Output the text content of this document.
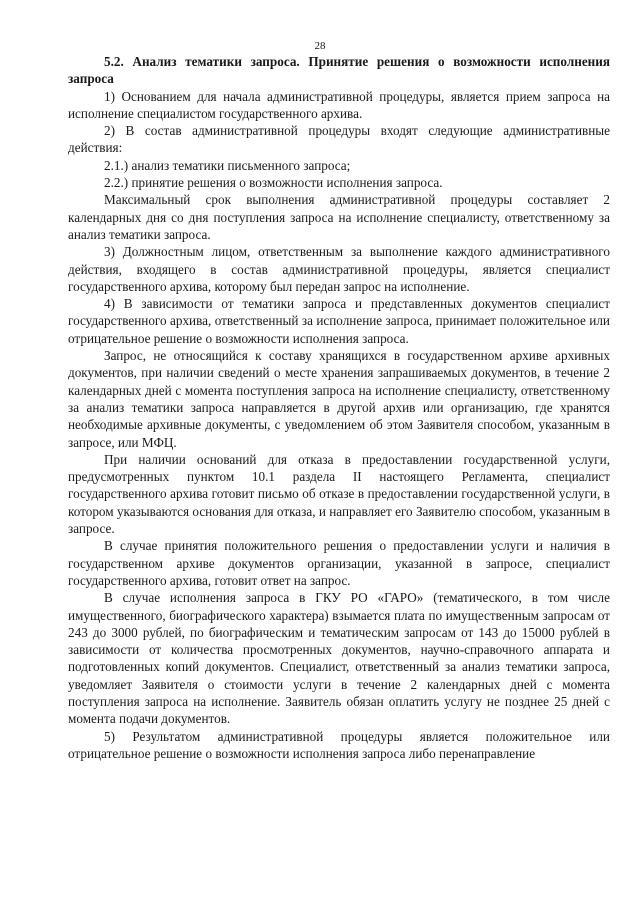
28

5.2. Анализ тематики запроса. Принятие решения о возможности исполнения запроса

1) Основанием для начала административной процедуры, является прием запроса на исполнение специалистом государственного архива.

2) В состав административной процедуры входят следующие административные действия:

2.1.) анализ тематики письменного запроса;

2.2.) принятие решения о возможности исполнения запроса.

Максимальный срок выполнения административной процедуры составляет 2 календарных дня со дня поступления запроса на исполнение специалисту, ответственному за анализ тематики запроса.

3) Должностным лицом, ответственным за выполнение каждого административного действия, входящего в состав административной процедуры, является специалист государственного архива, которому был передан запрос на исполнение.

4) В зависимости от тематики запроса и представленных документов специалист государственного архива, ответственный за исполнение запроса, принимает положительное или отрицательное решение о возможности исполнения запроса.

Запрос, не относящийся к составу хранящихся в государственном архиве архивных документов, при наличии сведений о месте хранения запрашиваемых документов, в течение 2 календарных дней с момента поступления запроса на исполнение специалисту, ответственному за анализ тематики запроса направляется в другой архив или организацию, где хранятся необходимые архивные документы, с уведомлением об этом Заявителя способом, указанным в запросе, или МФЦ.

При наличии оснований для отказа в предоставлении государственной услуги, предусмотренных пунктом 10.1 раздела II настоящего Регламента, специалист государственного архива готовит письмо об отказе в предоставлении государственной услуги, в котором указываются основания для отказа, и направляет его Заявителю способом, указанным в запросе.

В случае принятия положительного решения о предоставлении услуги и наличия в государственном архиве документов организации, указанной в запросе, специалист государственного архива, готовит ответ на запрос.

В случае исполнения запроса в ГКУ РО «ГАРО» (тематического, в том числе имущественного, биографического характера) взымается плата по имущественным запросам от 243 до 3000 рублей, по биографическим и тематическим запросам от 143 до 15000 рублей в зависимости от количества просмотренных документов, научно-справочного аппарата и подготовленных копий документов. Специалист, ответственный за анализ тематики запроса, уведомляет Заявителя о стоимости услуги в течение 2 календарных дней с момента поступления запроса на исполнение. Заявитель обязан оплатить услугу не позднее 25 дней с момента подачи документов.

5) Результатом административной процедуры является положительное или отрицательное решение о возможности исполнения запроса либо перенаправление
